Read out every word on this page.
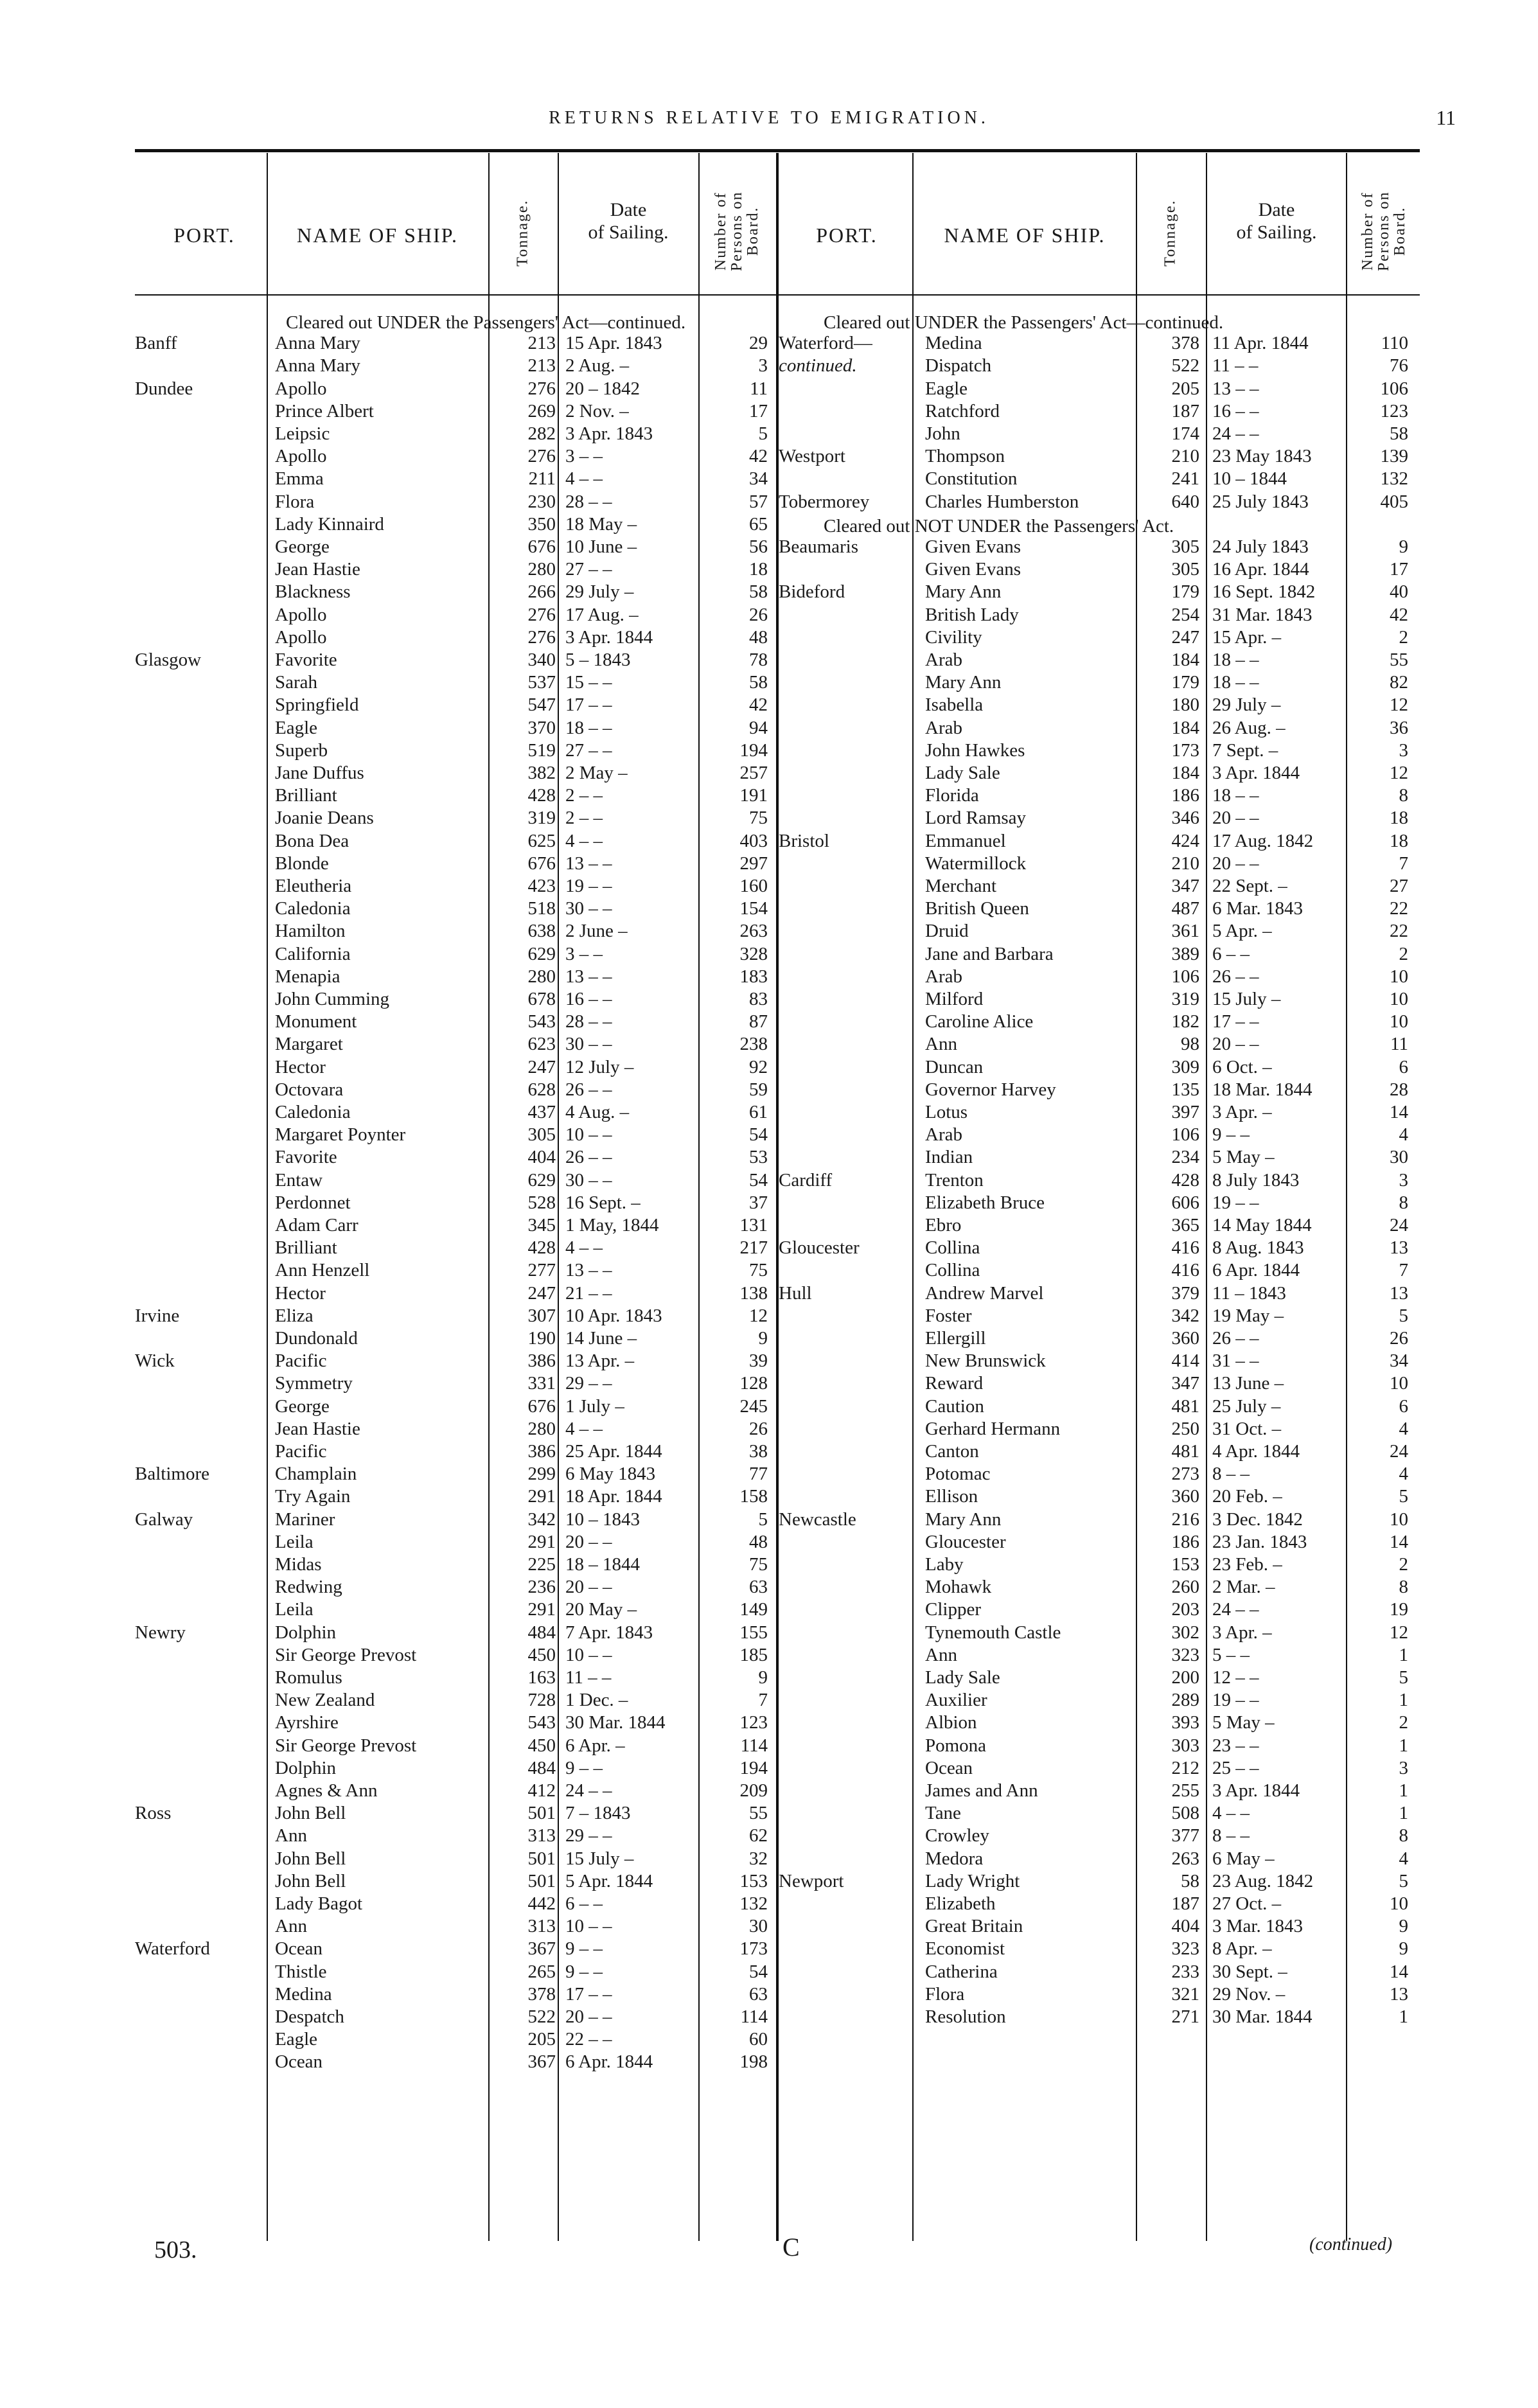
RETURNS RELATIVE TO EMIGRATION.	11
PORT.	NAME OF SHIP.	Tonnage.	Date
of Sailing.	Number of
Persons on
Board.	PORT.	NAME OF SHIP.	Tonnage.	Date
of Sailing.	Number of
Persons on
Board.
Cleared out UNDER the Passengers' Act—continued.
Banff	Anna Mary	213 15 Apr. 1843	29
Anna Mary	213 2 Aug. –	3
Dundee	Apollo	276 20 – 1842	11
Prince Albert	269 2 Nov. –	17
Leipsic	282 3 Apr. 1843	5
Apollo	276 3 – –	42
Emma	211 4 – –	34
Flora	230 28 – –	57
Lady Kinnaird	350 18 May –	65
George	676 10 June –	56
Jean Hastie	280 27 – –	18
Blackness	266 29 July –	58
Apollo	276 17 Aug. –	26
Apollo	276 3 Apr. 1844	48
Glasgow	Favorite	340 5 – 1843	78
Sarah	537 15 – –	58
Springfield	547 17 – –	42
Eagle	370 18 – –	94
Superb	519 27 – –	194
Jane Duffus	382 2 May –	257
Brilliant	428 2 – –	191
Joanie Deans	319 2 – –	75
Bona Dea	625 4 – –	403
Blonde	676 13 – –	297
Eleutheria	423 19 – –	160
Caledonia	518 30 – –	154
Hamilton	638 2 June –	263
California	629 3 – –	328
Menapia	280 13 – –	183
John Cumming	678 16 – –	83
Monument	543 28 – –	87
Margaret	623 30 – –	238
Hector	247 12 July –	92
Octovara	628 26 – –	59
Caledonia	437 4 Aug. –	61
Margaret Poynter	305 10 – –	54
Favorite	404 26 – –	53
Entaw	629 30 – –	54
Perdonnet	528 16 Sept. –	37
Adam Carr	345 1 May, 1844	131
Brilliant	428 4 – –	217
Ann Henzell	277 13 – –	75
Hector	247 21 – –	138
Irvine	Eliza	307 10 Apr. 1843	12
Dundonald	190 14 June –	9
Wick	Pacific	386 13 Apr. –	39
Symmetry	331 29 – –	128
George	676 1 July –	245
Jean Hastie	280 4 – –	26
Pacific	386 25 Apr. 1844	38
Baltimore	Champlain	299 6 May 1843	77
Try Again	291 18 Apr. 1844	158
Galway	Mariner	342 10 – 1843	5
Leila	291 20 – –	48
Midas	225 18 – 1844	75
Redwing	236 20 – –	63
Leila	291 20 May –	149
Newry	Dolphin	484 7 Apr. 1843	155
Sir George Prevost	450 10 – –	185
Romulus	163 11 – –	9
New Zealand	728 1 Dec. –	7
Ayrshire	543 30 Mar. 1844	123
Sir George Prevost	450 6 Apr. –	114
Dolphin	484 9 – –	194
Agnes & Ann	412 24 – –	209
Ross	John Bell	501 7 – 1843	55
Ann	313 29 – –	62
John Bell	501 15 July –	32
John Bell	501 5 Apr. 1844	153
Lady Bagot	442 6 – –	132
Ann	313 10 – –	30
Waterford	Ocean	367 9 – –	173
Thistle	265 9 – –	54
Medina	378 17 – –	63
Despatch	522 20 – –	114
Eagle	205 22 – –	60
Ocean	367 6 Apr. 1844	198
Cleared out UNDER the Passengers' Act—continued.
Waterford—	Medina	378 11 Apr. 1844	110
continued.	Dispatch	522 11 – –	76
Eagle	205 13 – –	106
Ratchford	187 16 – –	123
John	174 24 – –	58
Westport	Thompson	210 23 May 1843	139
Constitution	241 10 – 1844	132
Tobermorey	Charles Humberston	640 25 July 1843	405
Cleared out NOT UNDER the Passengers' Act.
Beaumaris	Given Evans	305 24 July 1843	9
Given Evans	305 16 Apr. 1844	17
Bideford	Mary Ann	179 16 Sept. 1842	40
British Lady	254 31 Mar. 1843	42
Civility	247 15 Apr. –	2
Arab	184 18 – –	55
Mary Ann	179 18 – –	82
Isabella	180 29 July –	12
Arab	184 26 Aug. –	36
John Hawkes	173 7 Sept. –	3
Lady Sale	184 3 Apr. 1844	12
Florida	186 18 – –	8
Lord Ramsay	346 20 – –	18
Bristol	Emmanuel	424 17 Aug. 1842	18
Watermillock	210 20 – –	7
Merchant	347 22 Sept. –	27
British Queen	487 6 Mar. 1843	22
Druid	361 5 Apr. –	22
Jane and Barbara	389 6 – –	2
Arab	106 26 – –	10
Milford	319 15 July –	10
Caroline Alice	182 17 – –	10
Ann	98 20 – –	11
Duncan	309 6 Oct. –	6
Governor Harvey	135 18 Mar. 1844	28
Lotus	397 3 Apr. –	14
Arab	106 9 – –	4
Indian	234 5 May –	30
Cardiff	Trenton	428 8 July 1843	3
Elizabeth Bruce	606 19 – –	8
Ebro	365 14 May 1844	24
Gloucester	Collina	416 8 Aug. 1843	13
Collina	416 6 Apr. 1844	7
Hull	Andrew Marvel	379 11 – 1843	13
Foster	342 19 May –	5
Ellergill	360 26 – –	26
New Brunswick	414 31 – –	34
Reward	347 13 June –	10
Caution	481 25 July –	6
Gerhard Hermann	250 31 Oct. –	4
Canton	481 4 Apr. 1844	24
Potomac	273 8 – –	4
Ellison	360 20 Feb. –	5
Newcastle	Mary Ann	216 3 Dec. 1842	10
Gloucester	186 23 Jan. 1843	14
Laby	153 23 Feb. –	2
Mohawk	260 2 Mar. –	8
Clipper	203 24 – –	19
Tynemouth Castle	302 3 Apr. –	12
Ann	323 5 – –	1
Lady Sale	200 12 – –	5
Auxilier	289 19 – –	1
Albion	393 5 May –	2
Pomona	303 23 – –	1
Ocean	212 25 – –	3
James and Ann	255 3 Apr. 1844	1
Tane	508 4 – –	1
Crowley	377 8 – –	8
Medora	263 6 May –	4
Newport	Lady Wright	58 23 Aug. 1842	5
Elizabeth	187 27 Oct. –	10
Great Britain	404 3 Mar. 1843	9
Economist	323 8 Apr. –	9
Catherina	233 30 Sept. –	14
Flora	321 29 Nov. –	13
Resolution	271 30 Mar. 1844	1
503.	C	(continued)
